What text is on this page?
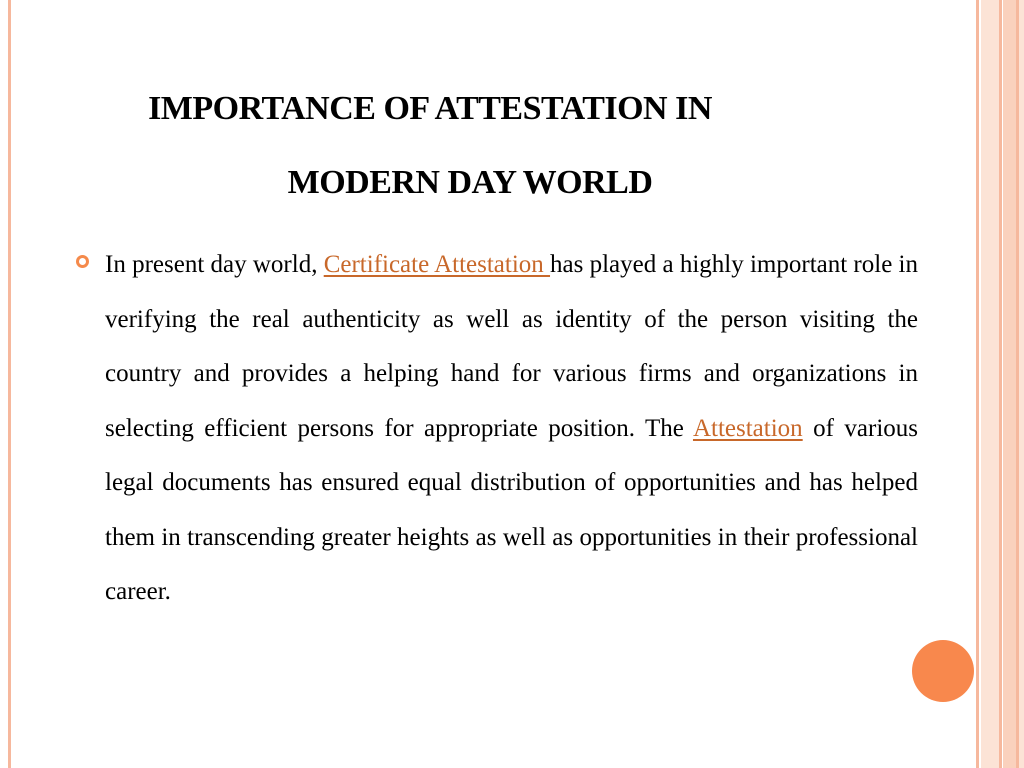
IMPORTANCE OF ATTESTATION IN
MODERN DAY WORLD
In present day world, Certificate Attestation has played a highly important role in verifying the real authenticity as well as identity of the person visiting the country and provides a helping hand for various firms and organizations in selecting efficient persons for appropriate position. The Attestation of various legal documents has ensured equal distribution of opportunities and has helped them in transcending greater heights as well as opportunities in their professional career.
